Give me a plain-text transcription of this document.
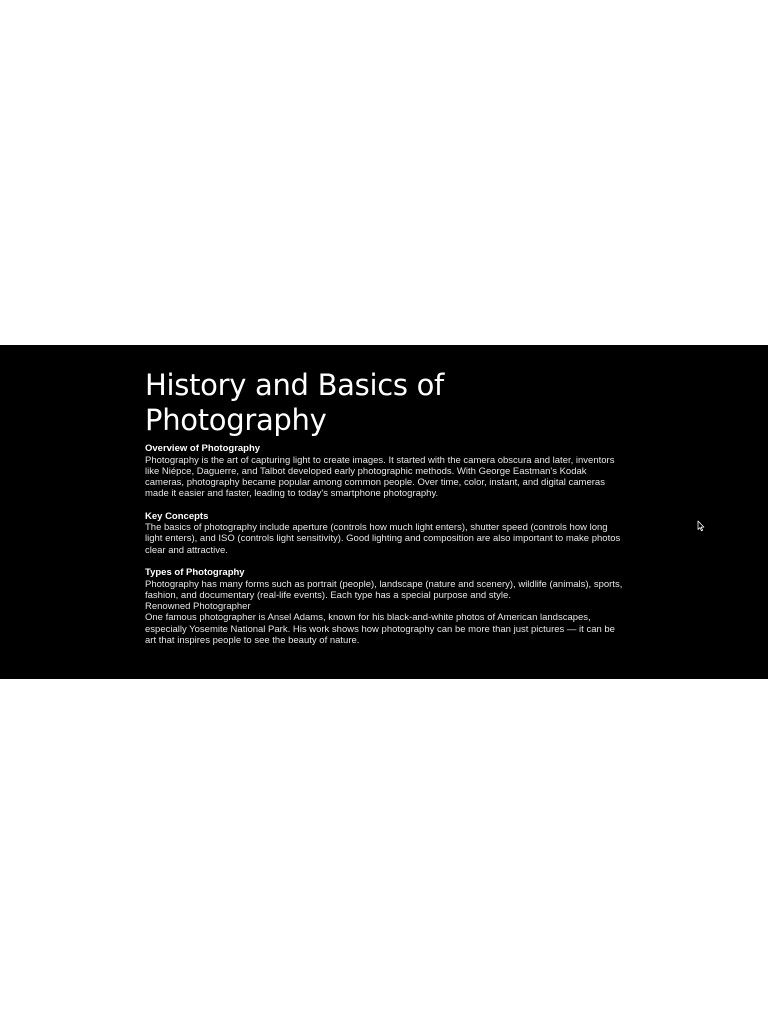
History and Basics of Photography

Overview of Photography

Photography is the art of capturing light to create images. It started with the camera obscura and later, inventors like Niépce, Daguerre, and Talbot developed early photographic methods. With George Eastman's Kodak cameras, photography became popular among common people. Over time, color, instant, and digital cameras made it easier and faster, leading to today's smartphone photography.

Key Concepts

The basics of photography include aperture (controls how much light enters), shutter speed (controls how long light enters), and ISO (controls light sensitivity). Good lighting and composition are also important to make photos clear and attractive.

Types of Photography

Photography has many forms such as portrait (people), landscape (nature and scenery), wildlife (animals), sports, fashion, and documentary (real-life events). Each type has a special purpose and style.

Renowned Photographer

One famous photographer is Ansel Adams, known for his black-and-white photos of American landscapes, especially Yosemite National Park. His work shows how photography can be more than just pictures — it can be art that inspires people to see the beauty of nature.
